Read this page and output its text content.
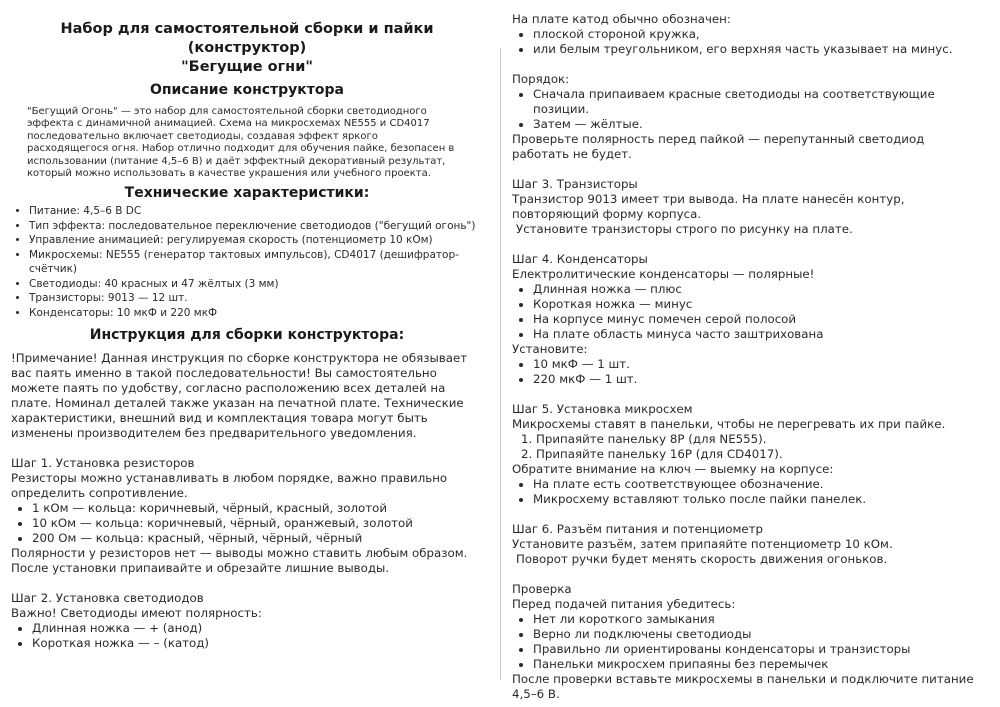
Набор для самостоятельной сборки и пайки (конструктор)
"Бегущие огни"
Описание конструктора

"Бегущий Огонь" — это набор для самостоятельной сборки светодиодного эффекта с динамичной анимацией. Схема на микросхемах NE555 и CD4017 последовательно включает светодиоды, создавая эффект яркого расходящегося огня. Набор отлично подходит для обучения пайке, безопасен в использовании (питание 4,5–6 В) и даёт эффектный декоративный результат, который можно использовать в качестве украшения или учебного проекта.

Технические характеристики:
• Питание: 4,5–6 В DC
• Тип эффекта: последовательное переключение светодиодов ("бегущий огонь")
• Управление анимацией: регулируемая скорость (потенциометр 10 кОм)
• Микросхемы: NE555 (генератор тактовых импульсов), CD4017 (дешифратор-счётчик)
• Светодиоды: 40 красных и 47 жёлтых (3 мм)
• Транзисторы: 9013 — 12 шт.
• Конденсаторы: 10 мкФ и 220 мкФ
Инструкция для сборки конструктора:

!Примечание! Данная инструкция по сборке конструктора не обязывает вас паять именно в такой последовательности! Вы самостоятельно можете паять по удобству, согласно расположению всех деталей на плате. Номинал деталей также указан на печатной плате. Технические характеристики, внешний вид и комплектация товара могут быть изменены производителем без предварительного уведомления.

Шаг 1. Установка резисторов

Резисторы можно устанавливать в любом порядке, важно правильно определить сопротивление.

• 1 кОм — кольца: коричневый, чёрный, красный, золотой
• 10 кОм — кольца: коричневый, чёрный, оранжевый, золотой
• 200 Ом — кольца: красный, чёрный, чёрный, чёрный

Полярности у резисторов нет — выводы можно ставить любым образом.

После установки припаивайте и обрезайте лишние выводы.

Шаг 2. Установка светодиодов

Важно! Светодиоды имеют полярность:

• Длинная ножка — + (анод)
• Короткая ножка — – (катод)

На плате катод обычно обозначен:

• плоской стороной кружка,
• или белым треугольником, его верхняя часть указывает на минус.

Порядок:

• Сначала припаиваем красные светодиоды на соответствующие позиции.
• Затем — жёлтые.

Проверьте полярность перед пайкой — перепутанный светодиод работать не будет.

Шаг 3. Транзисторы

Транзистор 9013 имеет три вывода. На плате нанесён контур, повторяющий форму корпуса.

Установите транзисторы строго по рисунку на плате.

Шаг 4. Конденсаторы

Електролитические конденсаторы — полярные!

• Длинная ножка — плюс
• Короткая ножка — минус
• На корпусе минус помечен серой полосой
• На плате область минуса часто заштрихована

Установите:

• 10 мкФ — 1 шт.
• 220 мкФ — 1 шт.

Шаг 5. Установка микросхем

Микросхемы ставят в панельки, чтобы не перегревать их при пайке.

1. Припаяйте панельку 8P (для NE555).
2. Припаяйте панельку 16P (для CD4017).

Обратите внимание на ключ — выемку на корпусе:

• На плате есть соответствующее обозначение.
• Микросхему вставляют только после пайки панелек.

Шаг 6. Разъём питания и потенциометр

Установите разъём, затем припаяйте потенциометр 10 кОм.

Поворот ручки будет менять скорость движения огоньков.

Проверка

Перед подачей питания убедитесь:

• Нет ли короткого замыкания
• Верно ли подключены светодиоды
• Правильно ли ориентированы конденсаторы и транзисторы
• Панельки микросхем припаяны без перемычек

После проверки вставьте микросхемы в панельки и подключите питание 4,5–6 В.
